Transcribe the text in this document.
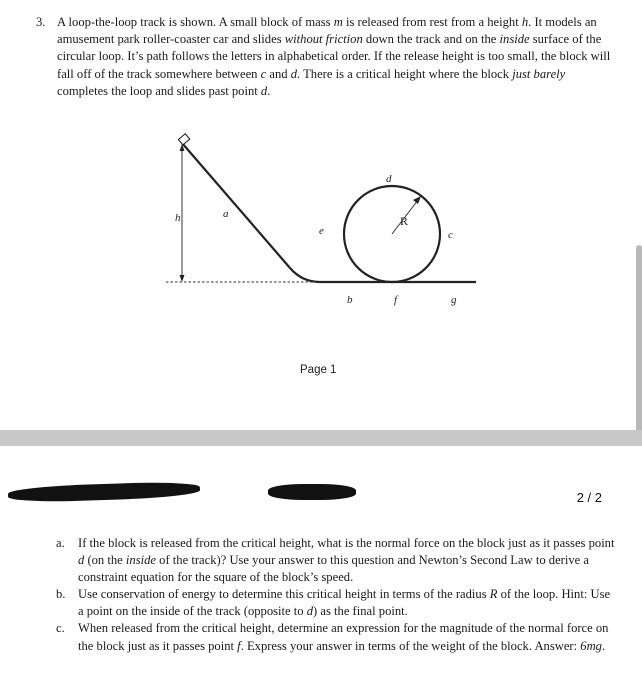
3. A loop-the-loop track is shown. A small block of mass m is released from rest from a height h. It models an amusement park roller-coaster car and slides without friction down the track and on the inside surface of the circular loop. It’s path follows the letters in alphabetical order. If the release height is too small, the block will fall off of the track somewhere between c and d. There is a critical height where the block just barely completes the loop and slides past point d.
h	a
e
d
R
c
b	f	g
Page 1
2 / 2
a. If the block is released from the critical height, what is the normal force on the block just as it passes point d (on the inside of the track)? Use your answer to this question and Newton’s Second Law to derive a constraint equation for the square of the block’s speed.
b. Use conservation of energy to determine this critical height in terms of the radius R of the loop. Hint: Use a point on the inside of the track (opposite to d) as the final point.
c. When released from the critical height, determine an expression for the magnitude of the normal force on the block just as it passes point f. Express your answer in terms of the weight of the block. Answer: 6mg.
